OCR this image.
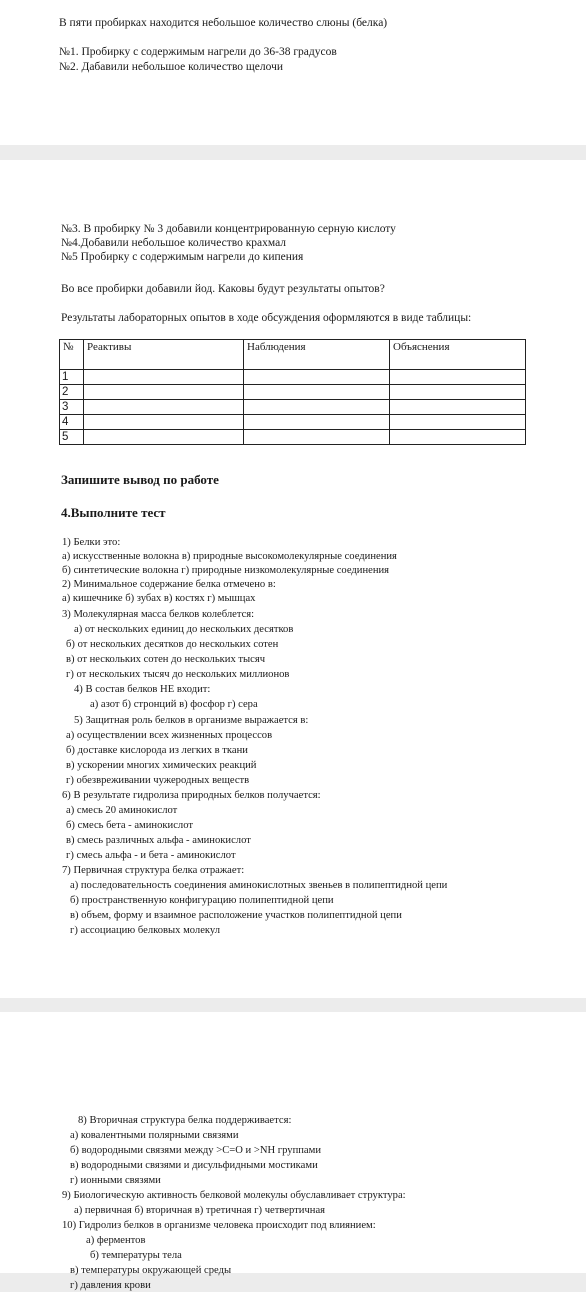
В пяти пробирках находится небольшое количество слюны (белка)
№1. Пробирку с содержимым нагрели до 36-38 градусов
№2. Дабавили небольшое количество щелочи
№3. В пробирку № 3 добавили концентрированную серную кислоту
№4.Добавили небольшое количество крахмал
№5 Пробирку с содержимым нагрели до кипения
Во все пробирки добавили йод. Каковы будут результаты опытов?
Результаты лабораторных опытов в ходе обсуждения оформляются в виде таблицы:
№	Реактивы	Наблюдения	Объяснения
1			
2			
3			
4			
5			
Запишите вывод по работе
4.Выполните тест
1) Белки это:
а) искусственные волокна в) природные высокомолекулярные соединения
б) синтетические волокна г) природные низкомолекулярные соединения
2) Минимальное содержание белка отмечено в:
а) кишечнике б) зубах в) костях г) мышцах
3) Молекулярная масса белков колеблется:
а) от нескольких единиц до нескольких десятков
б) от нескольких десятков до нескольких сотен
в) от нескольких сотен до нескольких тысяч
г) от нескольких тысяч до нескольких миллионов
4) В состав белков НЕ входит:
а) азот б) стронций в) фосфор г) сера
5) Защитная роль белков в организме выражается в:
а) осуществлении всех жизненных процессов
б) доставке кислорода из легких в ткани
в) ускорении многих химических реакций
г) обезвреживании чужеродных веществ
6) В результате гидролиза природных белков получается:
а) смесь 20 аминокислот
б) смесь бета - аминокислот
в) смесь различных альфа - аминокислот
г) смесь альфа - и бета - аминокислот
7) Первичная структура белка отражает:
а) последовательность соединения аминокислотных звеньев в полипептидной цепи
б) пространственную конфигурацию полипептидной цепи
в) объем, форму и взаимное расположение участков полипептидной цепи
г) ассоциацию белковых молекул
8) Вторичная структура белка поддерживается:
а) ковалентными полярными связями
б) водородными связями между >C=O и >NH группами
в) водородными связями и дисульфидными мостиками
г) ионными связями
9) Биологическую активность белковой молекулы обуславливает структура:
а) первичная б) вторичная в) третичная г) четвертичная
10) Гидролиз белков в организме человека происходит под влиянием:
а) ферментов
б) температуры тела
в) температуры окружающей среды
г) давления крови
